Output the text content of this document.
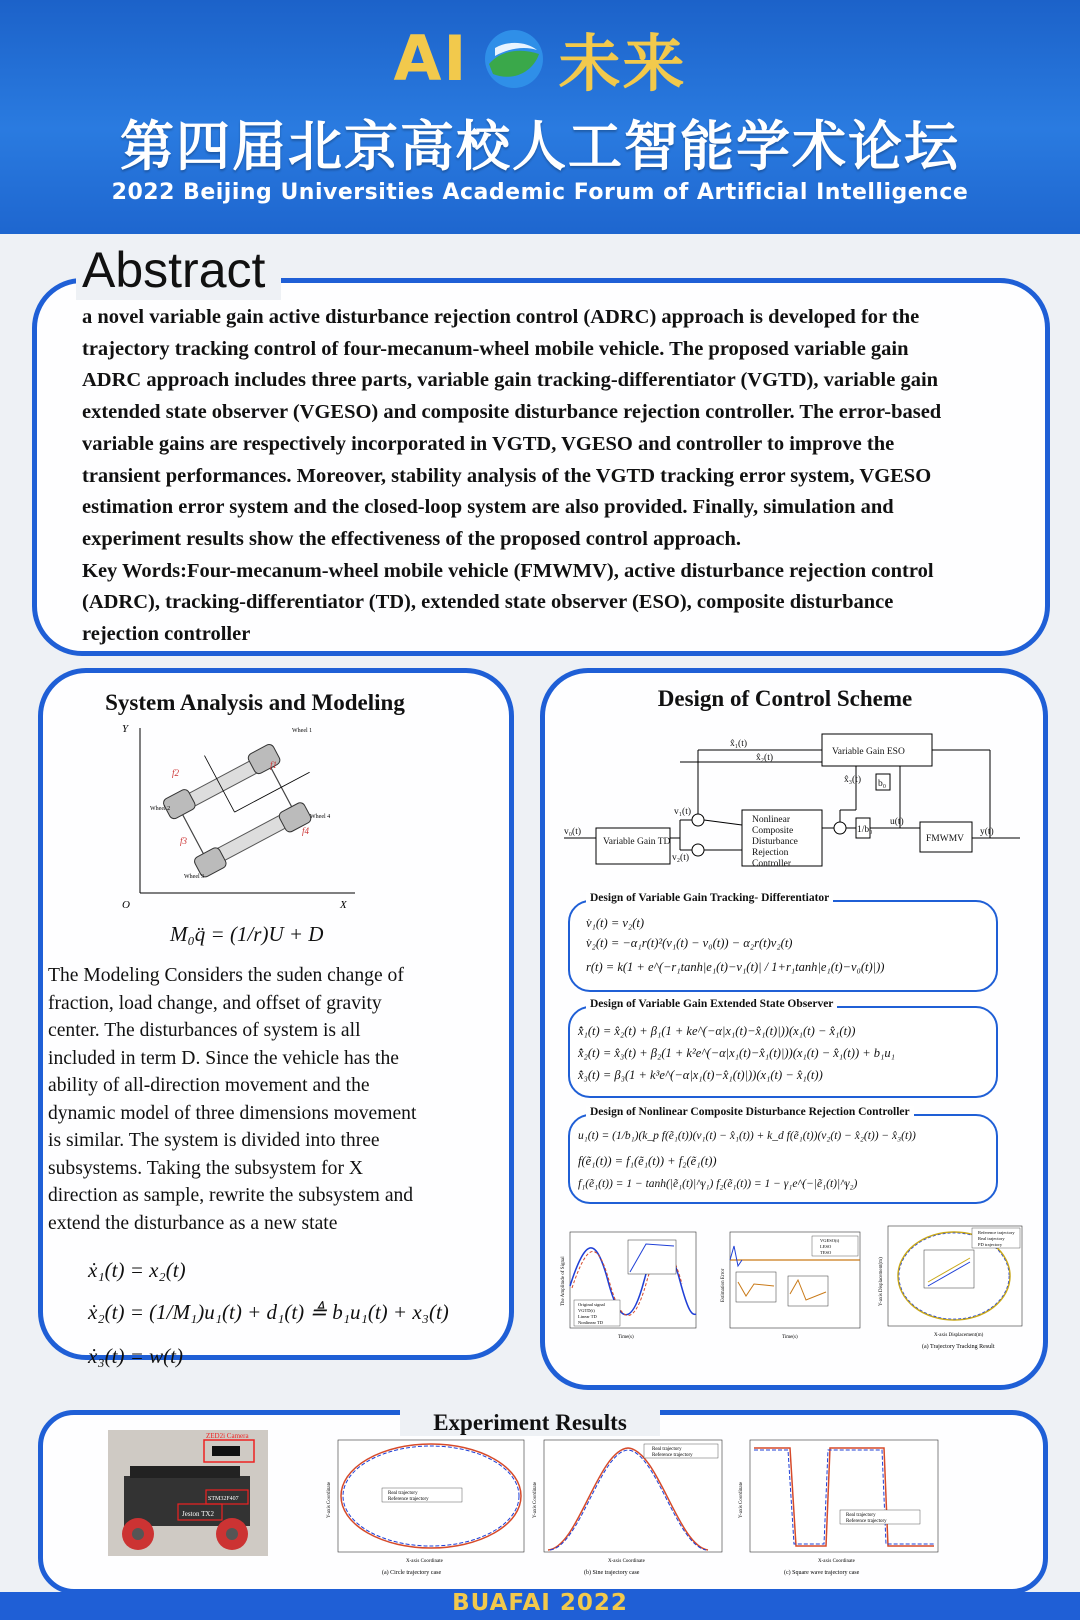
AI 未来
第四届北京高校人工智能学术论坛
2022 Beijing Universities Academic Forum of Artificial Intelligence
Abstract
a novel variable gain active disturbance rejection control (ADRC) approach is developed for the
trajectory tracking control of four-mecanum-wheel mobile vehicle. The proposed variable gain
ADRC approach includes three parts, variable gain tracking-differentiator (VGTD), variable gain
extended state observer (VGESO) and composite disturbance rejection controller. The error-based
variable gains are respectively incorporated in VGTD, VGESO and controller to improve the
transient performances. Moreover, stability analysis of the VGTD tracking error system, VGESO
estimation error system and the closed-loop system are also provided. Finally, simulation and
experiment results show the effectiveness of the proposed control approach.
Key Words:Four-mecanum-wheel mobile vehicle (FMWMV), active disturbance rejection control
(ADRC), tracking-differentiator (TD), extended state observer (ESO), composite disturbance
rejection controller
System Analysis and Modeling
Y
X
O
f2
f1
f3
f4
Wheel 1
Wheel 2
Wheel 3
Wheel 4
M₀q̈ = (1/r)U + D
The Modeling Considers the suden change of
fraction, load change, and offset of gravity
center. The disturbances of system is all
included in term D. Since the vehicle has the
ability of all-direction movement and the
dynamic model of three dimensions movement
is similar. The system is divided into three
subsystems. Taking the subsystem for X
direction as sample, rewrite the subsystem and
extend the disturbance as a new state
ẋ₁(t) = x₂(t)
ẋ₂(t) = (1/M₁)u₁(t) + d₁(t) ≜ b₁u₁(t) + x₃(t)
ẋ₃(t) = w(t)
Design of Control Scheme
Variable Gain TD
Variable Gain ESO
Nonlinear
Composite
Disturbance
Rejection
Controller
FMWMV
v₀(t)
v₁(t)
v₂(t)
x̂₁(t)
x̂₂(t)
x̂₃(t) b₀
1/b₀
u(t)
y(t)
Design of Variable Gain Tracking- Differentiator
v̇₁(t) = v₂(t)
v̇₂(t) = −α₁r(t)²(v₁(t) − v₀(t)) − α₂r(t)v₂(t)
r(t) = k(1 + e^(−r₁tanh|e₁(t)−v₁(t)| / 1+r₁tanh|e₁(t)−v₀(t)|))
Design of Variable Gain Extended State Observer
x̂̇₁(t) = x̂₂(t) + β₁(1 + ke^(−α|x₁(t)−x̂₁(t)|))(x₁(t) − x̂₁(t))
x̂̇₂(t) = x̂₃(t) + β₂(1 + k²e^(−α|x₁(t)−x̂₁(t)|))(x₁(t) − x̂₁(t)) + b₁u₁
x̂̇₃(t) = β₃(1 + k³e^(−α|x₁(t)−x̂₁(t)|))(x₁(t) − x̂₁(t))
Design of Nonlinear Composite Disturbance Rejection Controller
u₁(t) = (1/b₁)(k_p f(ẽ₁(t))(v₁(t) − x̂₁(t)) + k_d f(ẽ₁(t))(v₂(t) − x̂₂(t)) − x̂₃(t))
f(ẽ₁(t)) = f₁(ẽ₁(t)) + f₂(ẽ₁(t))
f₁(ẽ₁(t)) = 1 − tanh(|ẽ₁(t)|^γ₁) f₂(ẽ₁(t)) = 1 − γ₁e^(−|ẽ₁(t)|^γ₂)
Original signal
VGTD(t)
Linear TD
Nonlinear TD
The Amplitude of Signal
Time(s)
VGESO(t)
LESO
TESO
Estimation Error
Time(s)
Reference trajectory
Real trajectory
PD trajectory
Y-axis Displacement(m)
X-axis Displacement(m)
(a) Trajectory Tracking Result
Experiment Results
ZED2i Camera
STM32F407
Jeston TX2
Real trajectory
Reference trajectory
Y-axis Coordinate
X-axis Coordinate
(a) Circle trajectory case
Real trajectory
Reference trajectory
Y-axis Coordinate
X-axis Coordinate
(b) Sine trajectory case
Real trajectory
Reference trajectory
Y-axis Coordinate
X-axis Coordinate
(c) Square wave trajectory case
BUAFAI 2022
